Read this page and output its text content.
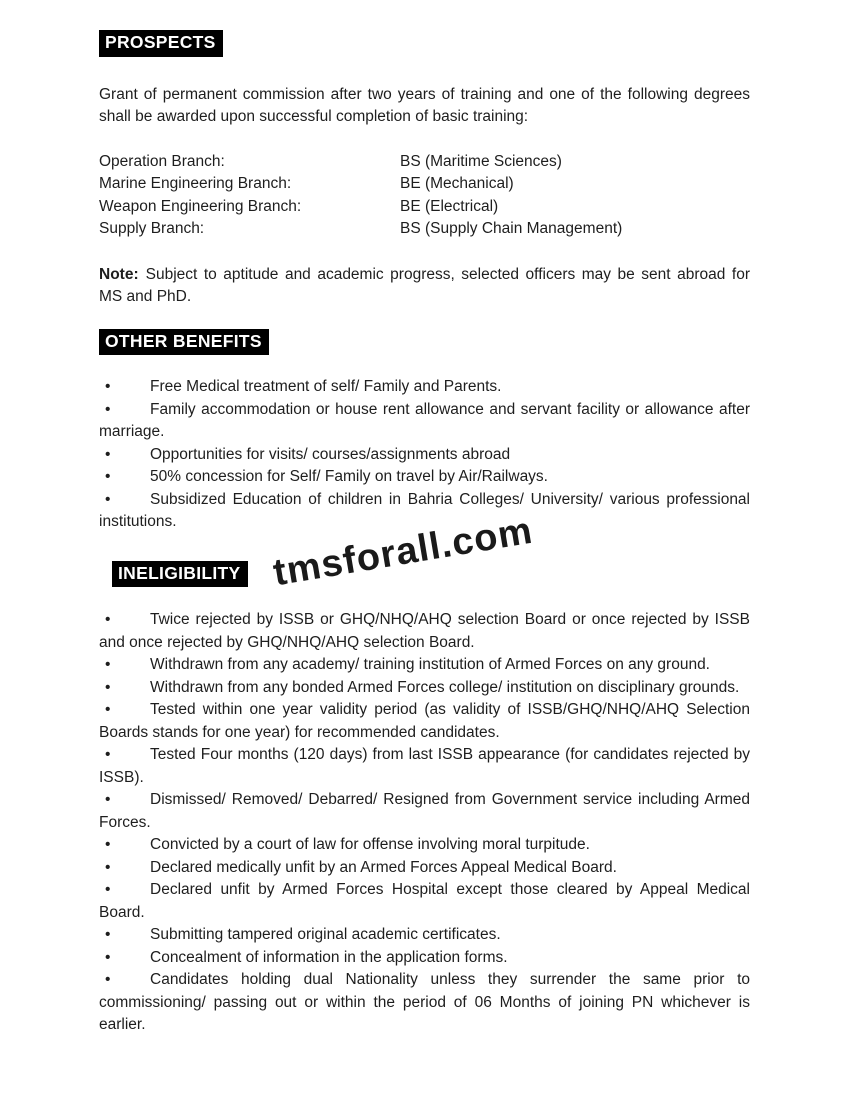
PROSPECTS

Grant of permanent commission after two years of training and one of the following degrees shall be awarded upon successful completion of basic training:

Operation Branch:	BS (Maritime Sciences)
Marine Engineering Branch:	BE (Mechanical)
Weapon Engineering Branch:	BE (Electrical)
Supply Branch:	BS (Supply Chain Management)

Note: Subject to aptitude and academic progress, selected officers may be sent abroad for MS and PhD.

OTHER BENEFITS

•	Free Medical treatment of self/ Family and Parents.

•	Family accommodation or house rent allowance and servant facility or allowance after marriage.

•	Opportunities for visits/ courses/assignments abroad

•	50% concession for Self/ Family on travel by Air/Railways.

•	Subsidized Education of children in Bahria Colleges/ University/ various professional institutions.

INELIGIBILITY

•	Twice rejected by ISSB or GHQ/NHQ/AHQ selection Board or once rejected by ISSB and once rejected by GHQ/NHQ/AHQ selection Board.

•	Withdrawn from any academy/ training institution of Armed Forces on any ground.

•	Withdrawn from any bonded Armed Forces college/ institution on disciplinary grounds.

•	Tested within one year validity period (as validity of ISSB/GHQ/NHQ/AHQ Selection Boards stands for one year) for recommended candidates.

•	Tested Four months (120 days) from last ISSB appearance (for candidates rejected by ISSB).

•	Dismissed/ Removed/ Debarred/ Resigned from Government service including Armed Forces.

•	Convicted by a court of law for offense involving moral turpitude.

•	Declared medically unfit by an Armed Forces Appeal Medical Board.

•	Declared unfit by Armed Forces Hospital except those cleared by Appeal Medical Board.

•	Submitting tampered original academic certificates.

•	Concealment of information in the application forms.

•	Candidates holding dual Nationality unless they surrender the same prior to commissioning/ passing out or within the period of 06 Months of joining PN whichever is earlier.

tmsforall.com
